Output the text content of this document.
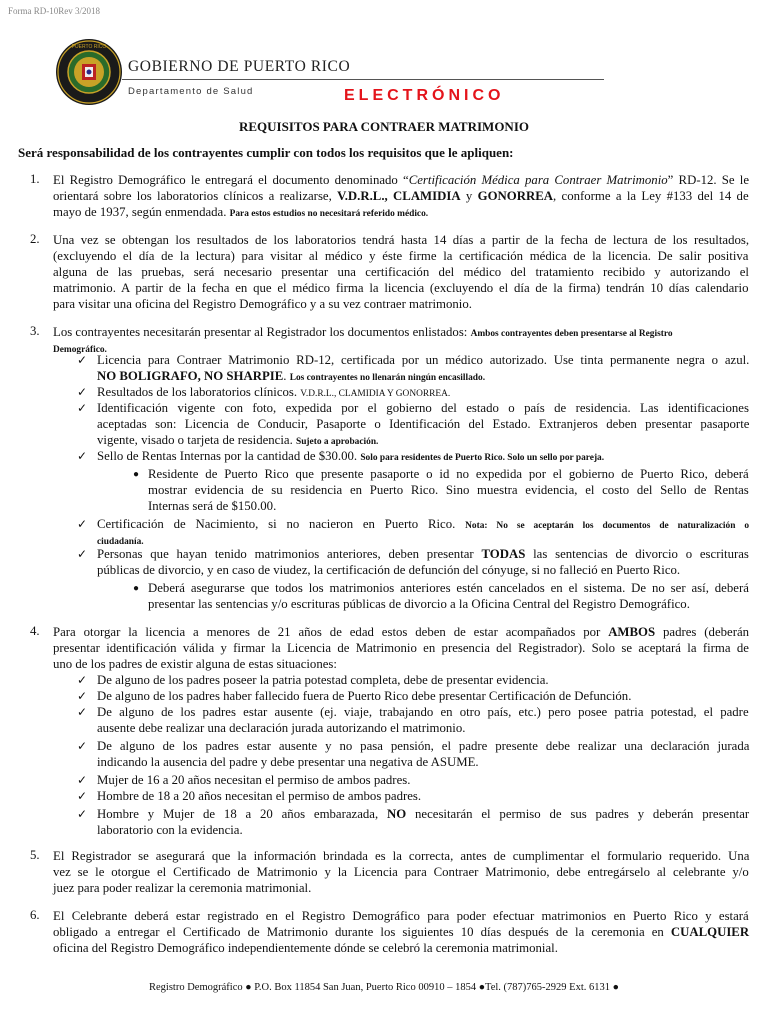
Forma RD-10Rev 3/2018
PUERTO RICO
GOBIERNO DE PUERTO RICO
Departamento de Salud	ELECTRÓNICO
REQUISITOS PARA CONTRAER MATRIMONIO
Será responsabilidad de los contrayentes cumplir con todos los requisitos que le apliquen:
1.
2.
3.
4.
5.
6.
✓
✓
✓
✓
✓
✓
✓
✓
✓
✓
✓
✓
✓
●
●
El Registro Demográfico le entregará el documento denominado “Certificación Médica para Contraer Matrimonio” RD-12. Se le
orientará sobre los laboratorios clínicos a realizarse, V.D.R.L., CLAMIDIA y GONORREA, conforme a la Ley #133 del 14 de
mayo de 1937, según enmendada. Para estos estudios no necesitará referido médico.
Una vez se obtengan los resultados de los laboratorios tendrá hasta 14 días a partir de la fecha de lectura de los resultados,
(excluyendo el día de la lectura) para visitar al médico y éste firme la certificación médica de la licencia. De salir positiva
alguna de las pruebas, será necesario presentar una certificación del médico del tratamiento recibido y autorizando el
matrimonio. A partir de la fecha en que el médico firma la licencia (excluyendo el día de la firma) tendrán 10 días calendario
para visitar una oficina del Registro Demográfico y a su vez contraer matrimonio.
Los contrayentes necesitarán presentar al Registrador los documentos enlistados: Ambos contrayentes deben presentarse al Registro
Demográfico.
Licencia para Contraer Matrimonio RD-12, certificada por un médico autorizado. Use tinta permanente negra o azul.
NO BOLIGRAFO, NO SHARPIE. Los contrayentes no llenarán ningún encasillado.
Resultados de los laboratorios clínicos. V.D.R.L., CLAMIDIA Y GONORREA.
Identificación vigente con foto, expedida por el gobierno del estado o país de residencia. Las identificaciones
aceptadas son: Licencia de Conducir, Pasaporte o Identificación del Estado. Extranjeros deben presentar pasaporte
vigente, visado o tarjeta de residencia. Sujeto a aprobación.
Sello de Rentas Internas por la cantidad de $30.00. Solo para residentes de Puerto Rico. Solo un sello por pareja.
Residente de Puerto Rico que presente pasaporte o id no expedida por el gobierno de Puerto Rico, deberá
mostrar evidencia de su residencia en Puerto Rico. Sino muestra evidencia, el costo del Sello de Rentas
Internas será de $150.00.
Certificación de Nacimiento, si no nacieron en Puerto Rico. Nota: No se aceptarán los documentos de naturalización o
ciudadanía.
Personas que hayan tenido matrimonios anteriores, deben presentar TODAS las sentencias de divorcio o escrituras
públicas de divorcio, y en caso de viudez, la certificación de defunción del cónyuge, si no falleció en Puerto Rico.
Deberá asegurarse que todos los matrimonios anteriores estén cancelados en el sistema. De no ser así, deberá
presentar las sentencias y/o escrituras públicas de divorcio a la Oficina Central del Registro Demográfico.
Para otorgar la licencia a menores de 21 años de edad estos deben de estar acompañados por AMBOS padres (deberán
presentar identificación válida y firmar la Licencia de Matrimonio en presencia del Registrador). Solo se aceptará la firma de
uno de los padres de existir alguna de estas situaciones:
De alguno de los padres poseer la patria potestad completa, debe de presentar evidencia.
De alguno de los padres haber fallecido fuera de Puerto Rico debe presentar Certificación de Defunción.
De alguno de los padres estar ausente (ej. viaje, trabajando en otro país, etc.) pero posee patria potestad, el padre
ausente debe realizar una declaración jurada autorizando el matrimonio.
De alguno de los padres estar ausente y no pasa pensión, el padre presente debe realizar una declaración jurada
indicando la ausencia del padre y debe presentar una negativa de ASUME.
Mujer de 16 a 20 años necesitan el permiso de ambos padres.
Hombre de 18 a 20 años necesitan el permiso de ambos padres.
Hombre y Mujer de 18 a 20 años embarazada, NO necesitarán el permiso de sus padres y deberán presentar
laboratorio con la evidencia.
El Registrador se asegurará que la información brindada es la correcta, antes de cumplimentar el formulario requerido. Una
vez se le otorgue el Certificado de Matrimonio y la Licencia para Contraer Matrimonio, debe entregárselo al celebrante y/o
juez para poder realizar la ceremonia matrimonial.
El Celebrante deberá estar registrado en el Registro Demográfico para poder efectuar matrimonios en Puerto Rico y estará
obligado a entregar el Certificado de Matrimonio durante los siguientes 10 días después de la ceremonia en CUALQUIER
oficina del Registro Demográfico independientemente dónde se celebró la ceremonia matrimonial.
Registro Demográfico ● P.O. Box 11854 San Juan, Puerto Rico 00910 – 1854 ●Tel. (787)765-2929 Ext. 6131 ●
